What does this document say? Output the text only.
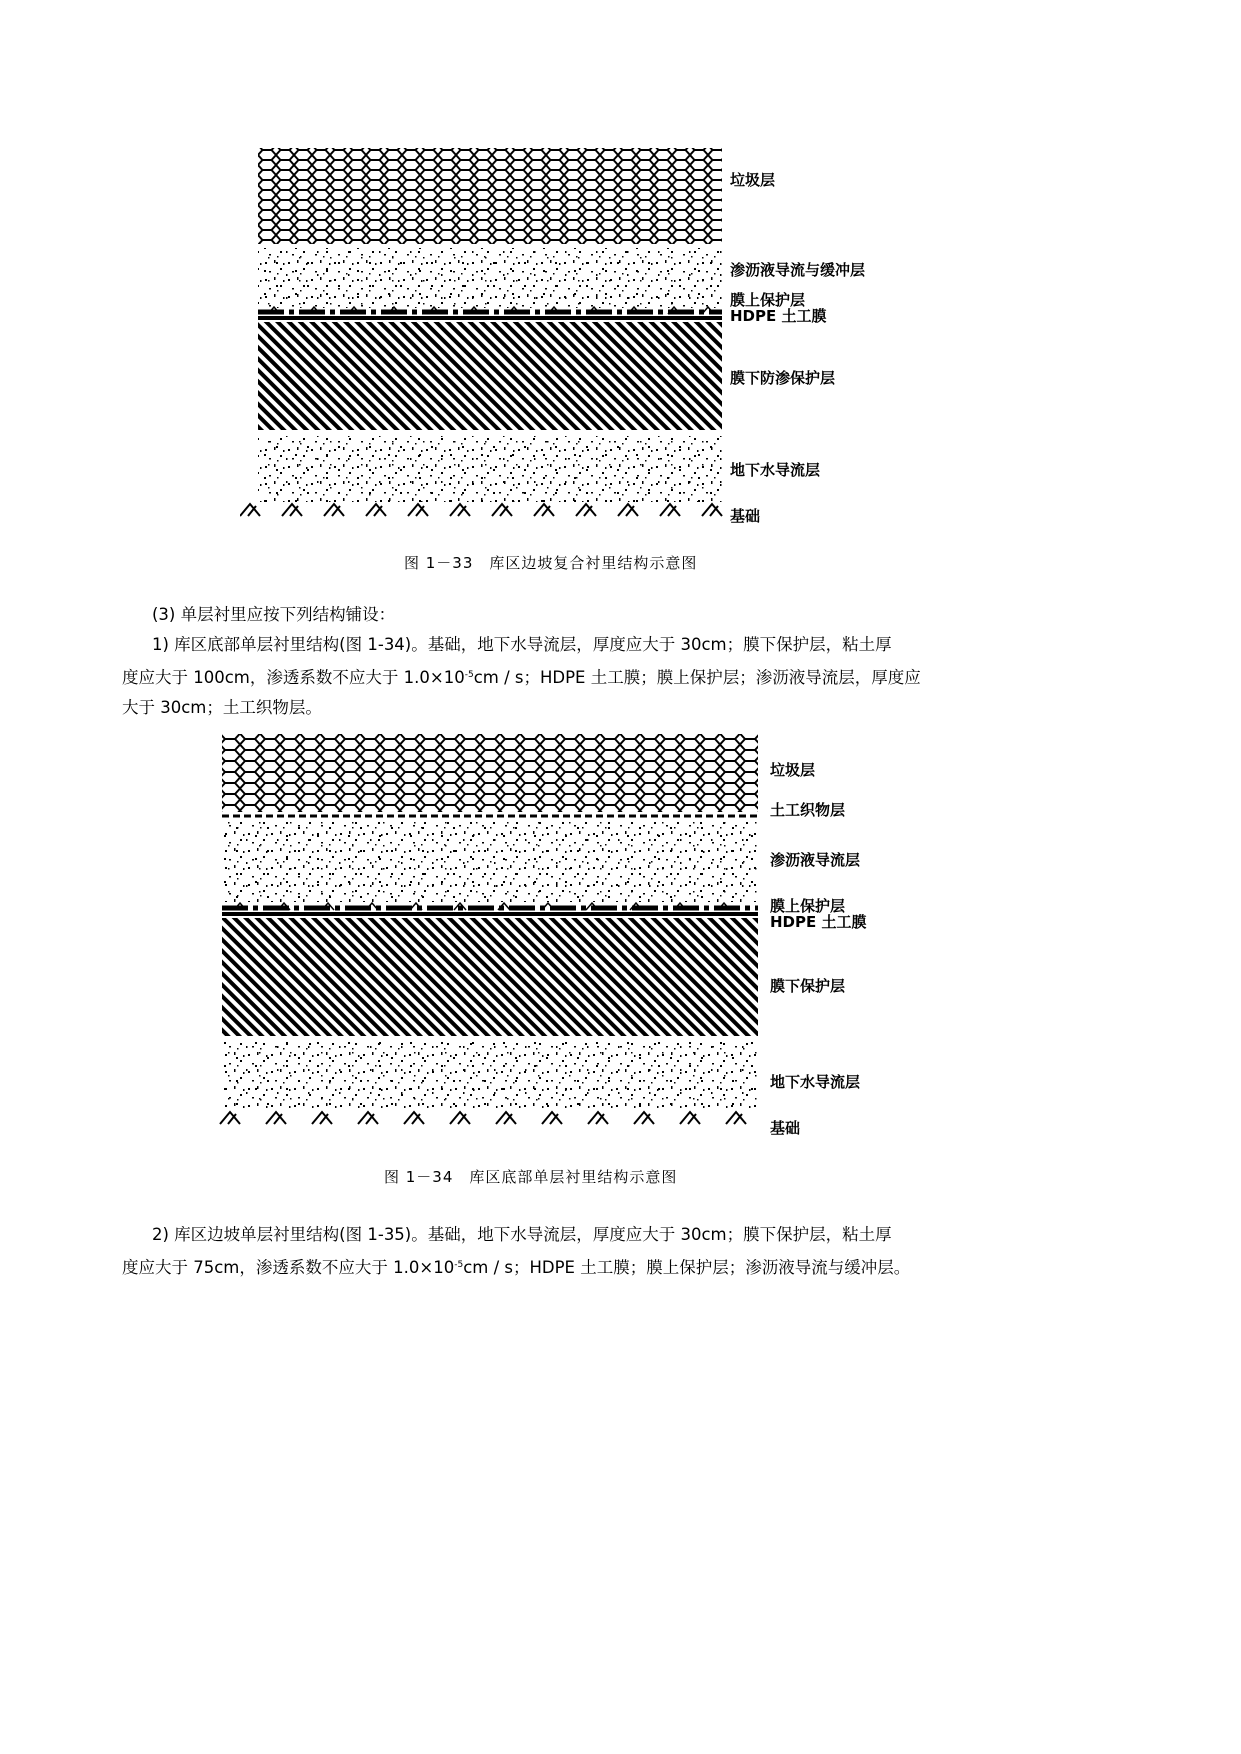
垃圾层
渗沥液导流与缓冲层
膜上保护层
HDPE 土工膜
膜下防渗保护层
地下水导流层
基础
图 1－33　库区边坡复合衬里结构示意图
(3) 单层衬里应按下列结构铺设：
1) 库区底部单层衬里结构(图 1-34)。基础，地下水导流层，厚度应大于 30cm；膜下保护层，粘土厚
度应大于 100cm，渗透系数不应大于 $1.0\times 10^{-5}cm / s$；HDPE 土工膜；膜上保护层；渗沥液导流层，厚度应
大于 30cm；土工织物层。
垃圾层
土工织物层
渗沥液导流层
膜上保护层
HDPE 土工膜
膜下保护层
地下水导流层
基础
图 1－34　库区底部单层衬里结构示意图
2) 库区边坡单层衬里结构(图 1-35)。基础，地下水导流层，厚度应大于 30cm；膜下保护层，粘土厚
度应大于 75cm，渗透系数不应大于 $1.0\times 10^{-5}cm / s$；HDPE 土工膜；膜上保护层；渗沥液导流与缓冲层。
